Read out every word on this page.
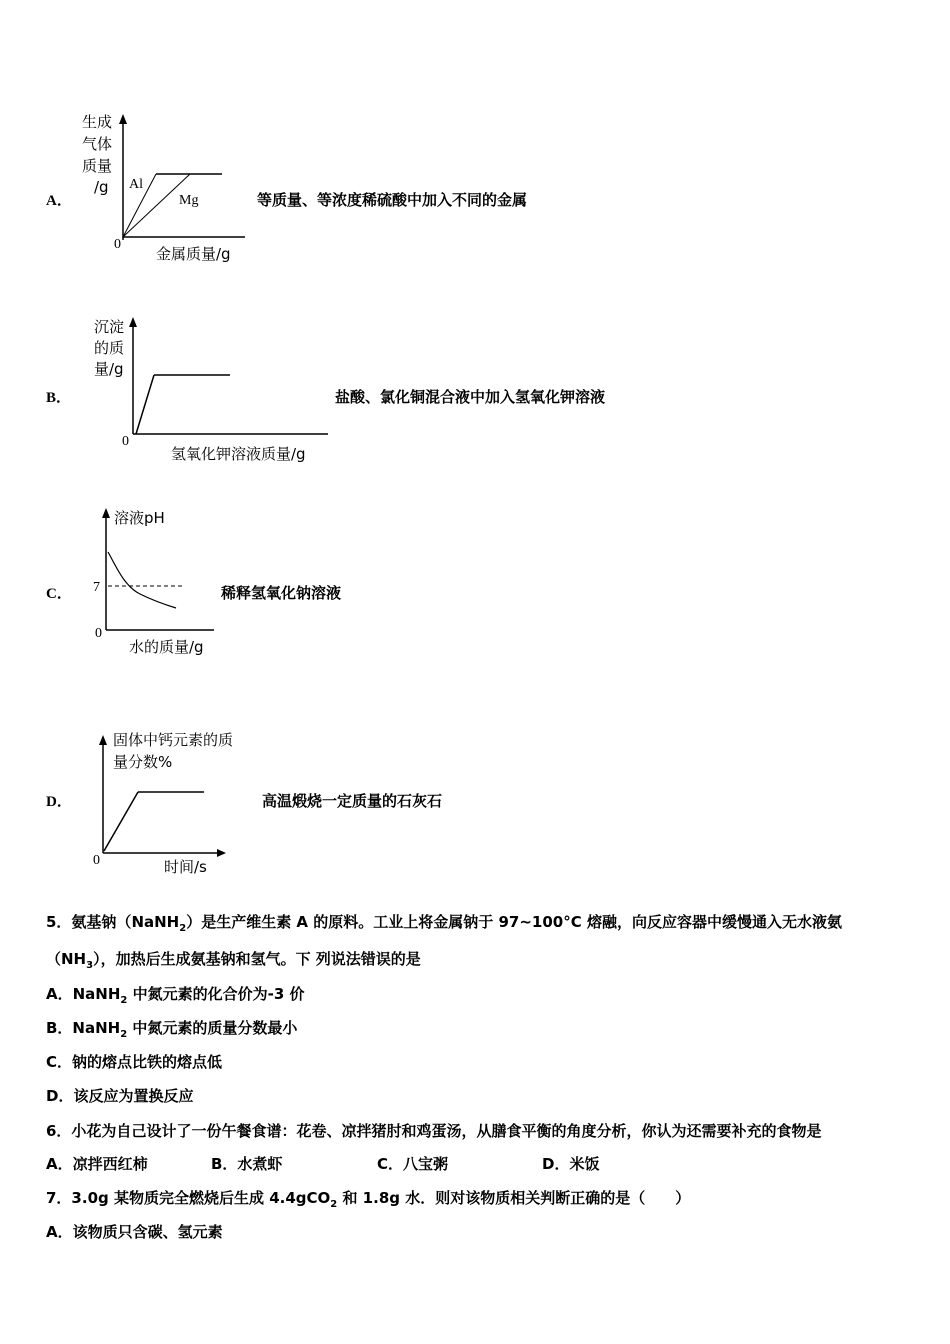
A．
生成
气体
质量
/g
0
Al
Mg
金属质量/g
等质量、等浓度稀硫酸中加入不同的金属
B．
沉淀
的质
量/g
0
氢氧化钾溶液质量/g
盐酸、氯化铜混合液中加入氢氧化钾溶液
C．
溶液pH
7
0
水的质量/g
稀释氢氧化钠溶液
D．
固体中钙元素的质
量分数%
0	时间/s
高温煅烧一定质量的石灰石
5．氨基钠（NaNH$_2$）是生产维生素 A 的原料。工业上将金属钠于 97~100°C 熔融，向反应容器中缓慢通入无水液氨
$(NH_3)$，加热后生成氨基钠和氢气。下 列说法错误的是
A．NaNH$_2$ 中氮元素的化合价为-3 价
B．NaNH$_2$ 中氮元素的质量分数最小
C．钠的熔点比铁的熔点低
D．该反应为置换反应
6．小花为自己设计了一份午餐食谱：花卷、凉拌猪肘和鸡蛋汤，从膳食平衡的角度分析，你认为还需要补充的食物是
A．凉拌西红柿	B．水煮虾	C．八宝粥	D．米饭
7．3.0g 某物质完全燃烧后生成 4.4gCO$_2$ 和 1.8g 水．则对该物质相关判断正确的是（　　）
A．该物质只含碳、氢元素
